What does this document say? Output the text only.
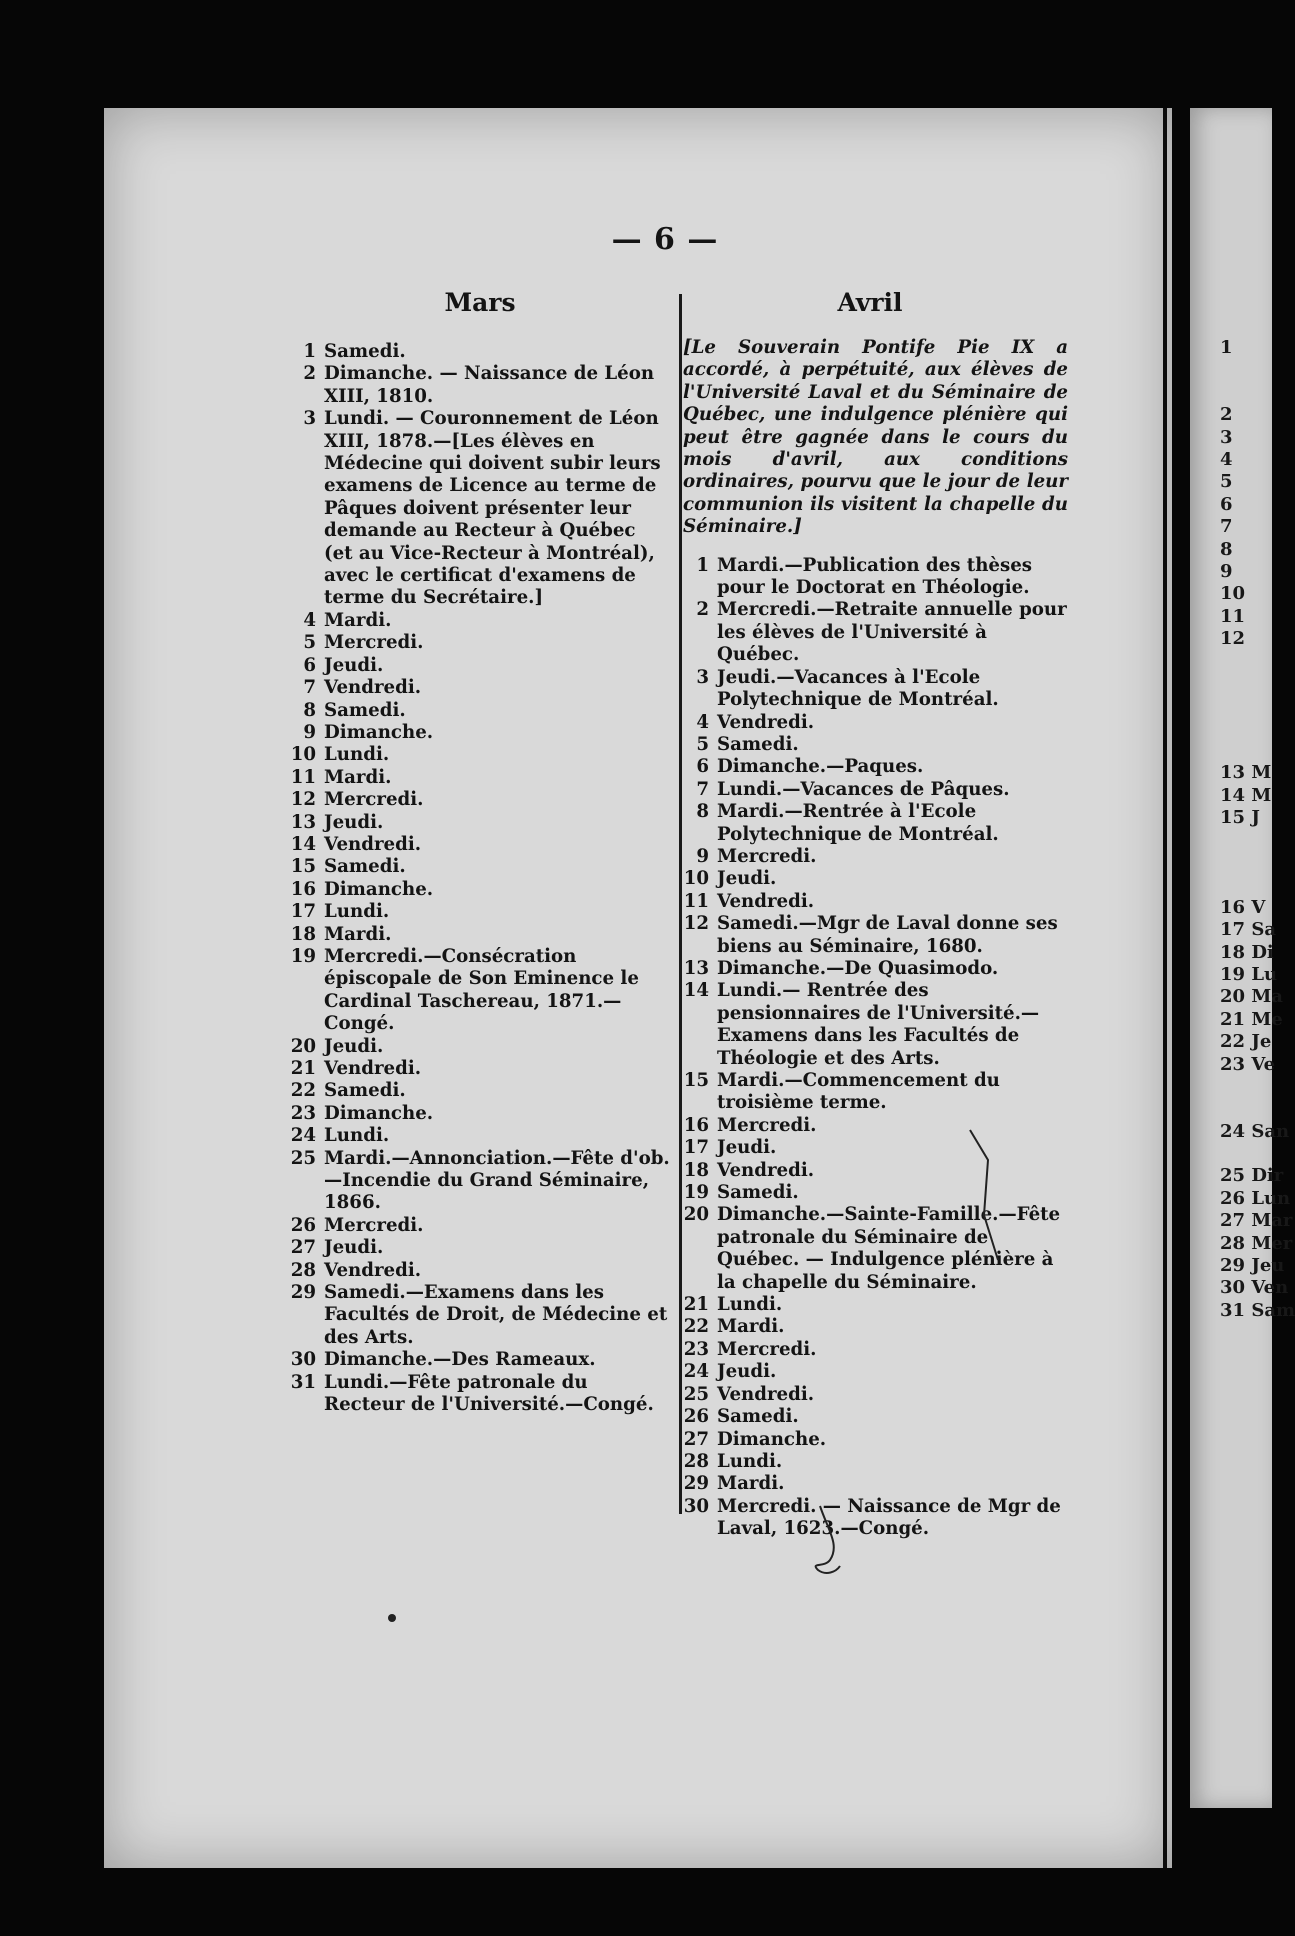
— 6 —
Mars	Avril
1 Samedi.
2 Dimanche. — Naissance de Léon XIII, 1810.
3 Lundi. — Couronnement de Léon XIII, 1878.—[Les élèves en Médecine qui doivent subir leurs examens de Licence au terme de Pâques doivent présenter leur demande au Recteur à Québec (et au Vice-Recteur à Montréal), avec le certificat d'examens de terme du Secrétaire.]
4 Mardi.
5 Mercredi.
6 Jeudi.
7 Vendredi.
8 Samedi.
9 Dimanche.
10 Lundi.
11 Mardi.
12 Mercredi.
13 Jeudi.
14 Vendredi.
15 Samedi.
16 Dimanche.
17 Lundi.
18 Mardi.
19 Mercredi.—Consécration épiscopale de Son Eminence le Cardinal Taschereau, 1871.—Congé.
20 Jeudi.
21 Vendredi.
22 Samedi.
23 Dimanche.
24 Lundi.
25 Mardi.—Annonciation.—Fête d'ob. —Incendie du Grand Séminaire, 1866.
26 Mercredi.
27 Jeudi.
28 Vendredi.
29 Samedi.—Examens dans les Facultés de Droit, de Médecine et des Arts.
30 Dimanche.—Des Rameaux.
31 Lundi.—Fête patronale du Recteur de l'Université.—Congé.
[Le Souverain Pontife Pie IX a accordé, à perpétuité, aux élèves de l'Université Laval et du Séminaire de Québec, une indulgence plénière qui peut être gagnée dans le cours du mois d'avril, aux conditions ordinaires, pourvu que le jour de leur communion ils visitent la chapelle du Séminaire.]
1 Mardi.—Publication des thèses pour le Doctorat en Théologie.
2 Mercredi.—Retraite annuelle pour les élèves de l'Université à Québec.
3 Jeudi.—Vacances à l'Ecole Polytechnique de Montréal.
4 Vendredi.
5 Samedi.
6 Dimanche.—Paques.
7 Lundi.—Vacances de Pâques.
8 Mardi.—Rentrée à l'Ecole Polytechnique de Montréal.
9 Mercredi.
10 Jeudi.
11 Vendredi.
12 Samedi.—Mgr de Laval donne ses biens au Séminaire, 1680.
13 Dimanche.—De Quasimodo.
14 Lundi.— Rentrée des pensionnaires de l'Université.—Examens dans les Facultés de Théologie et des Arts.
15 Mardi.—Commencement du troisième terme.
16 Mercredi.
17 Jeudi.
18 Vendredi.
19 Samedi.
20 Dimanche.—Sainte-Famille.—Fête patronale du Séminaire de Québec. — Indulgence plénière à la chapelle du Séminaire.
21 Lundi.
22 Mardi.
23 Mercredi.
24 Jeudi.
25 Vendredi.
26 Samedi.
27 Dimanche.
28 Lundi.
29 Mardi.
30 Mercredi. — Naissance de Mgr de Laval, 1623.—Congé.
1
2
3
4
5
6
7
8
9
10
11
12
13 M
14 M
15 J
16 V
17 Sa
18 Di
19 Lu
20 Ma
21 Me
22 Je
23 Ve
24 San
25 Dir
26 Lun
27 Mar
28 Mer
29 Jeu
30 Ven
31 Sam
